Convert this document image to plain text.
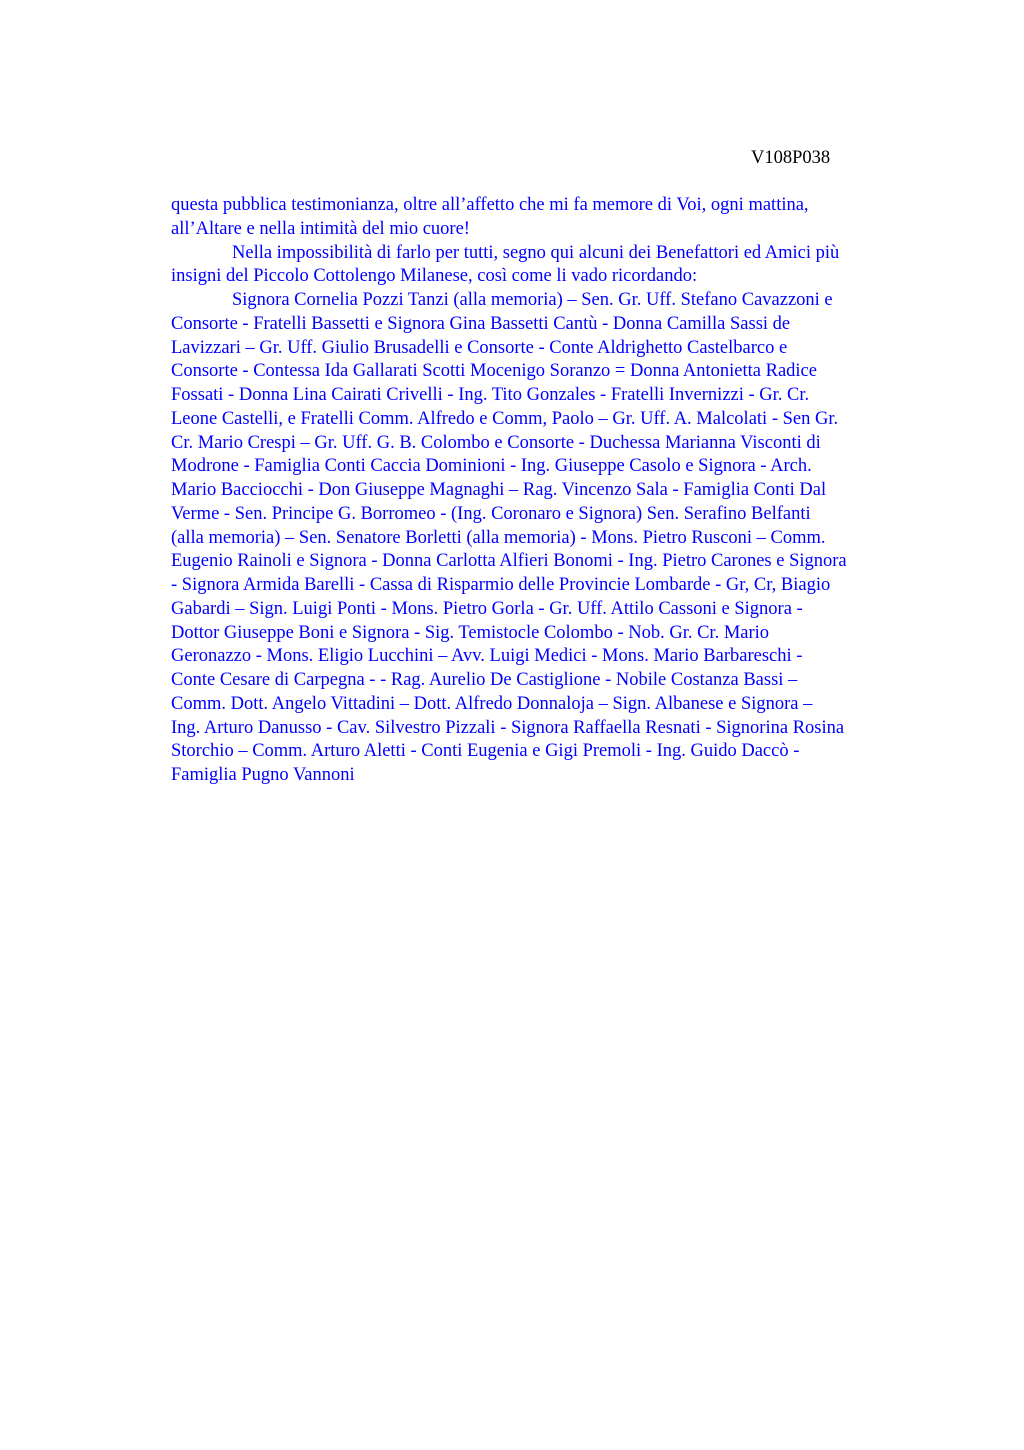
V108P038
questa pubblica testimonianza, oltre all’affetto che mi fa memore di Voi, ogni mattina,
all’Altare e nella intimità del mio cuore!
Nella impossibilità di farlo per tutti, segno qui alcuni dei Benefattori ed Amici più
insigni del Piccolo Cottolengo Milanese, così come li vado ricordando:
Signora Cornelia Pozzi Tanzi (alla memoria) – Sen. Gr. Uff. Stefano Cavazzoni e
Consorte - Fratelli Bassetti e Signora Gina Bassetti Cantù - Donna Camilla Sassi de
Lavizzari – Gr. Uff. Giulio Brusadelli e Consorte - Conte Aldrighetto Castelbarco e
Consorte - Contessa Ida Gallarati Scotti Mocenigo Soranzo = Donna Antonietta Radice
Fossati - Donna Lina Cairati Crivelli - Ing. Tito Gonzales - Fratelli Invernizzi - Gr. Cr.
Leone Castelli, e Fratelli Comm. Alfredo e Comm, Paolo – Gr. Uff. A. Malcolati - Sen Gr.
Cr. Mario Crespi – Gr. Uff. G. B. Colombo e Consorte - Duchessa Marianna Visconti di
Modrone - Famiglia Conti Caccia Dominioni - Ing. Giuseppe Casolo e Signora - Arch.
Mario Bacciocchi - Don Giuseppe Magnaghi – Rag. Vincenzo Sala - Famiglia Conti Dal
Verme - Sen. Principe G. Borromeo - (Ing. Coronaro e Signora) Sen. Serafino Belfanti
(alla memoria) – Sen. Senatore Borletti (alla memoria) - Mons. Pietro Rusconi – Comm.
Eugenio Rainoli e Signora - Donna Carlotta Alfieri Bonomi - Ing. Pietro Carones e Signora
- Signora Armida Barelli - Cassa di Risparmio delle Provincie Lombarde - Gr, Cr, Biagio
Gabardi – Sign. Luigi Ponti - Mons. Pietro Gorla - Gr. Uff. Attilo Cassoni e Signora -
Dottor Giuseppe Boni e Signora - Sig. Temistocle Colombo - Nob. Gr. Cr. Mario
Geronazzo - Mons. Eligio Lucchini – Avv. Luigi Medici - Mons. Mario Barbareschi -
Conte Cesare di Carpegna - - Rag. Aurelio De Castiglione - Nobile Costanza Bassi –
Comm. Dott. Angelo Vittadini – Dott. Alfredo Donnaloja – Sign. Albanese e Signora –
Ing. Arturo Danusso - Cav. Silvestro Pizzali - Signora Raffaella Resnati - Signorina Rosina
Storchio – Comm. Arturo Aletti - Conti Eugenia e Gigi Premoli - Ing. Guido Daccò -
Famiglia Pugno Vannoni
